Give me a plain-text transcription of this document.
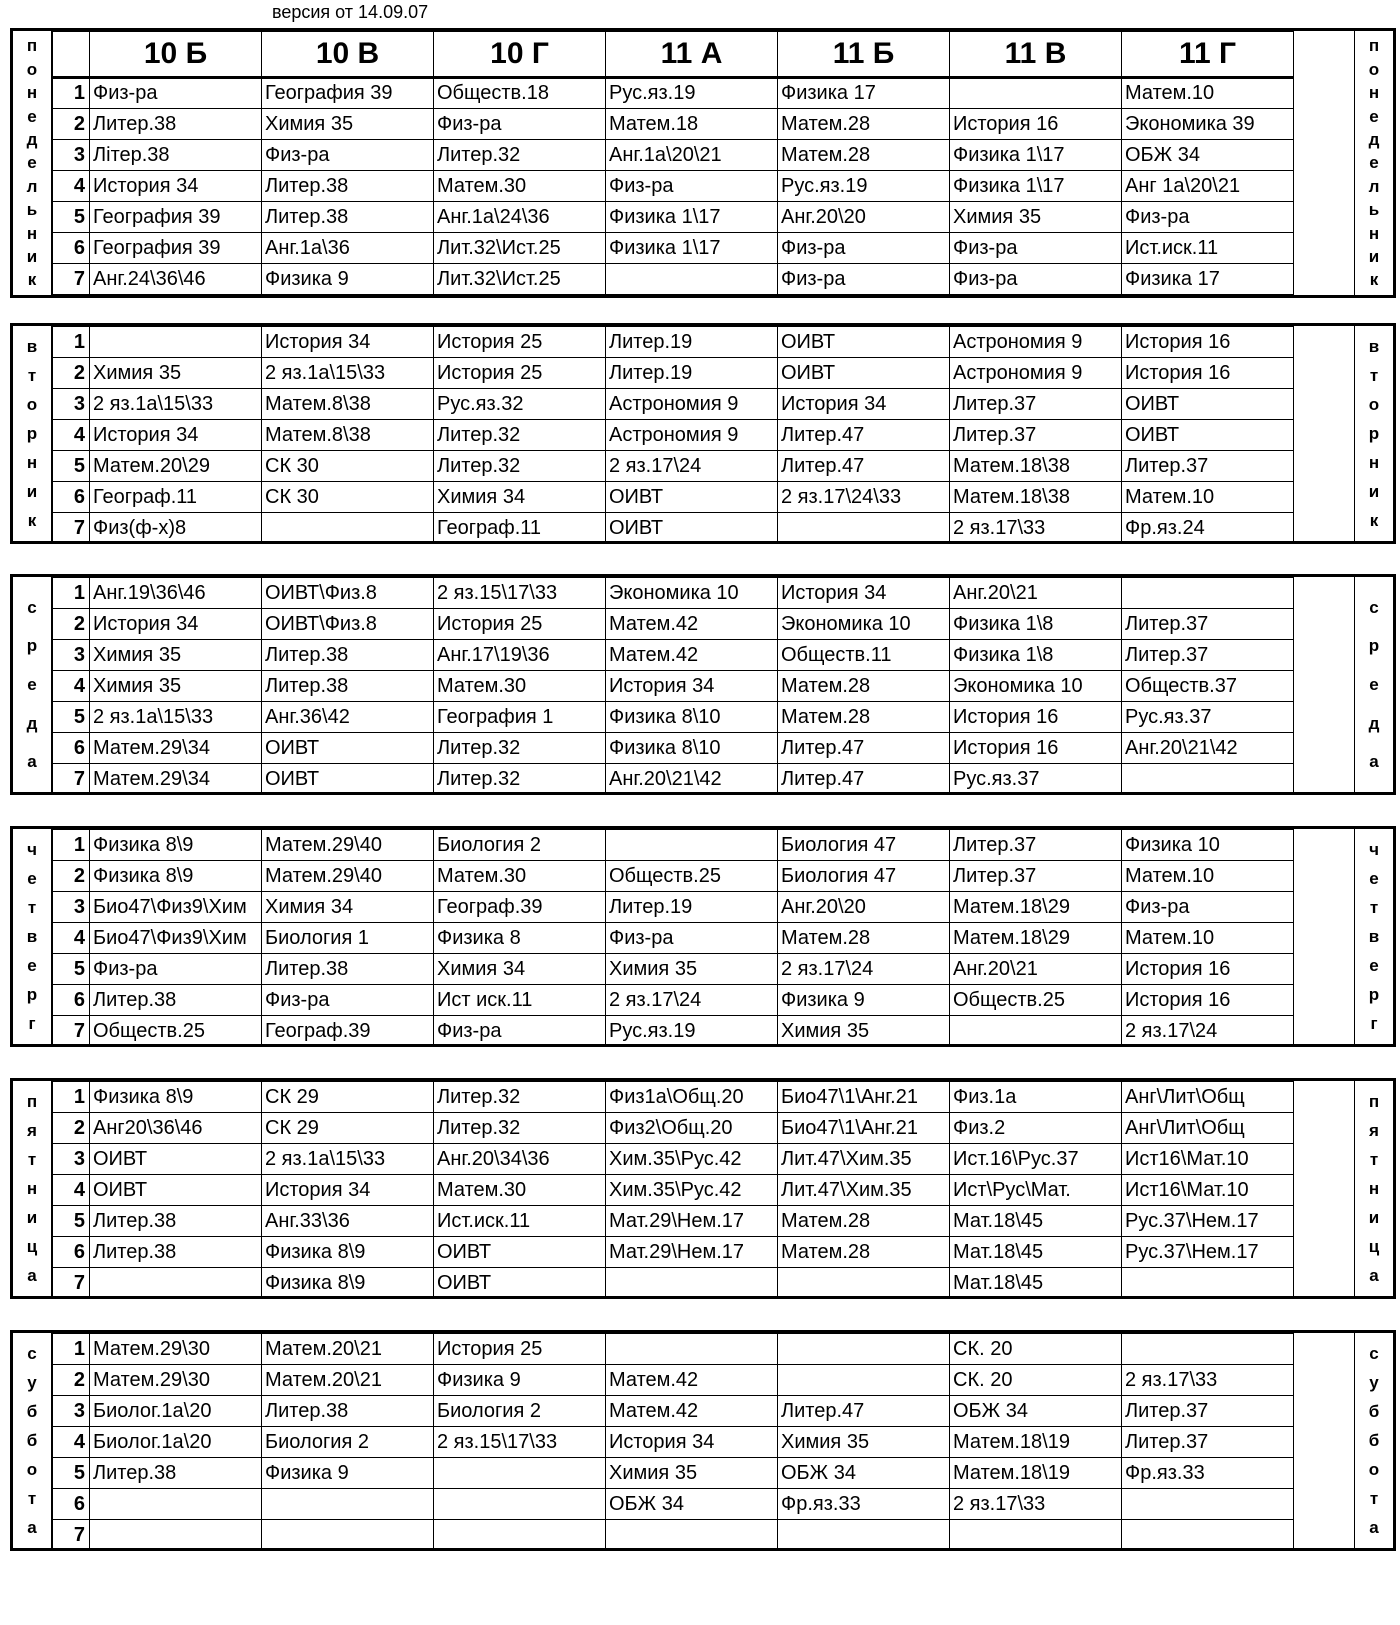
версия от 14.09.07
п
о
н
е
д
е
л
ь
н
и
к
п
о
н
е
д
е
л
ь
н
и
к
	10 Б	10 В	10 Г	11 А	11 Б	11 В	11 Г
1	Физ-ра	География 39	Обществ.18	Рус.яз.19	Физика 17		Матем.10
2	Литер.38	Химия 35	Физ-ра	Матем.18	Матем.28	История 16	Экономика 39
3	Літер.38	Физ-ра	Литер.32	Анг.1а\20\21	Матем.28	Физика 1\17	ОБЖ 34
4	История 34	Литер.38	Матем.30	Физ-ра	Рус.яз.19	Физика 1\17	Анг 1а\20\21
5	География 39	Литер.38	Анг.1а\24\36	Физика 1\17	Анг.20\20	Химия 35	Физ-ра
6	География 39	Анг.1а\36	Лит.32\Ист.25	Физика 1\17	Физ-ра	Физ-ра	Ист.иск.11
7	Анг.24\36\46	Физика 9	Лит.32\Ист.25		Физ-ра	Физ-ра	Физика 17
в
т
о
р
н
и
к
в
т
о
р
н
и
к
1		История 34	История 25	Литер.19	ОИВТ	Астрономия 9	История 16
2	Химия 35	2 яз.1а\15\33	История 25	Литер.19	ОИВТ	Астрономия 9	История 16
3	2 яз.1а\15\33	Матем.8\38	Рус.яз.32	Астрономия 9	История 34	Литер.37	ОИВТ
4	История 34	Матем.8\38	Литер.32	Астрономия 9	Литер.47	Литер.37	ОИВТ
5	Матем.20\29	СК 30	Литер.32	2 яз.17\24	Литер.47	Матем.18\38	Литер.37
6	Географ.11	СК 30	Химия 34	ОИВТ	2 яз.17\24\33	Матем.18\38	Матем.10
7	Физ(ф-х)8		Географ.11	ОИВТ		2 яз.17\33	Фр.яз.24
с
р
е
д
а
с
р
е
д
а
1	Анг.19\36\46	ОИВТ\Физ.8	2 яз.15\17\33	Экономика 10	История 34	Анг.20\21	
2	История 34	ОИВТ\Физ.8	История 25	Матем.42	Экономика 10	Физика 1\8	Литер.37
3	Химия 35	Литер.38	Анг.17\19\36	Матем.42	Обществ.11	Физика 1\8	Литер.37
4	Химия 35	Литер.38	Матем.30	История 34	Матем.28	Экономика 10	Обществ.37
5	2 яз.1а\15\33	Анг.36\42	География 1	Физика 8\10	Матем.28	История 16	Рус.яз.37
6	Матем.29\34	ОИВТ	Литер.32	Физика 8\10	Литер.47	История 16	Анг.20\21\42
7	Матем.29\34	ОИВТ	Литер.32	Анг.20\21\42	Литер.47	Рус.яз.37	
ч
е
т
в
е
р
г
ч
е
т
в
е
р
г
1	Физика 8\9	Матем.29\40	Биология 2		Биология 47	Литер.37	Физика 10
2	Физика 8\9	Матем.29\40	Матем.30	Обществ.25	Биология 47	Литер.37	Матем.10
3	Био47\Физ9\Хим	Химия 34	Географ.39	Литер.19	Анг.20\20	Матем.18\29	Физ-ра
4	Био47\Физ9\Хим	Биология 1	Физика 8	Физ-ра	Матем.28	Матем.18\29	Матем.10
5	Физ-ра	Литер.38	Химия 34	Химия 35	2 яз.17\24	Анг.20\21	История 16
6	Литер.38	Физ-ра	Ист иск.11	2 яз.17\24	Физика 9	Обществ.25	История 16
7	Обществ.25	Географ.39	Физ-ра	Рус.яз.19	Химия 35		2 яз.17\24
п
я
т
н
и
ц
а
п
я
т
н
и
ц
а
1	Физика 8\9	СК 29	Литер.32	Физ1а\Общ.20	Био47\1\Анг.21	Физ.1а	Анг\Лит\Общ
2	Анг20\36\46	СК 29	Литер.32	Физ2\Общ.20	Био47\1\Анг.21	Физ.2	Анг\Лит\Общ
3	ОИВТ	2 яз.1а\15\33	Анг.20\34\36	Хим.35\Рус.42	Лит.47\Хим.35	Ист.16\Рус.37	Ист16\Мат.10
4	ОИВТ	История 34	Матем.30	Хим.35\Рус.42	Лит.47\Хим.35	Ист\Рус\Мат.	Ист16\Мат.10
5	Литер.38	Анг.33\36	Ист.иск.11	Мат.29\Нем.17	Матем.28	Мат.18\45	Рус.37\Нем.17
6	Литер.38	Физика 8\9	ОИВТ	Мат.29\Нем.17	Матем.28	Мат.18\45	Рус.37\Нем.17
7		Физика 8\9	ОИВТ			Мат.18\45	
с
у
б
б
о
т
а
с
у
б
б
о
т
а
1	Матем.29\30	Матем.20\21	История 25			СК. 20	
2	Матем.29\30	Матем.20\21	Физика 9	Матем.42		СК. 20	2 яз.17\33
3	Биолог.1а\20	Литер.38	Биология 2	Матем.42	Литер.47	ОБЖ 34	Литер.37
4	Биолог.1а\20	Биология 2	2 яз.15\17\33	История 34	Химия 35	Матем.18\19	Литер.37
5	Литер.38	Физика 9		Химия 35	ОБЖ 34	Матем.18\19	Фр.яз.33
6				ОБЖ 34	Фр.яз.33	2 яз.17\33	
7							
